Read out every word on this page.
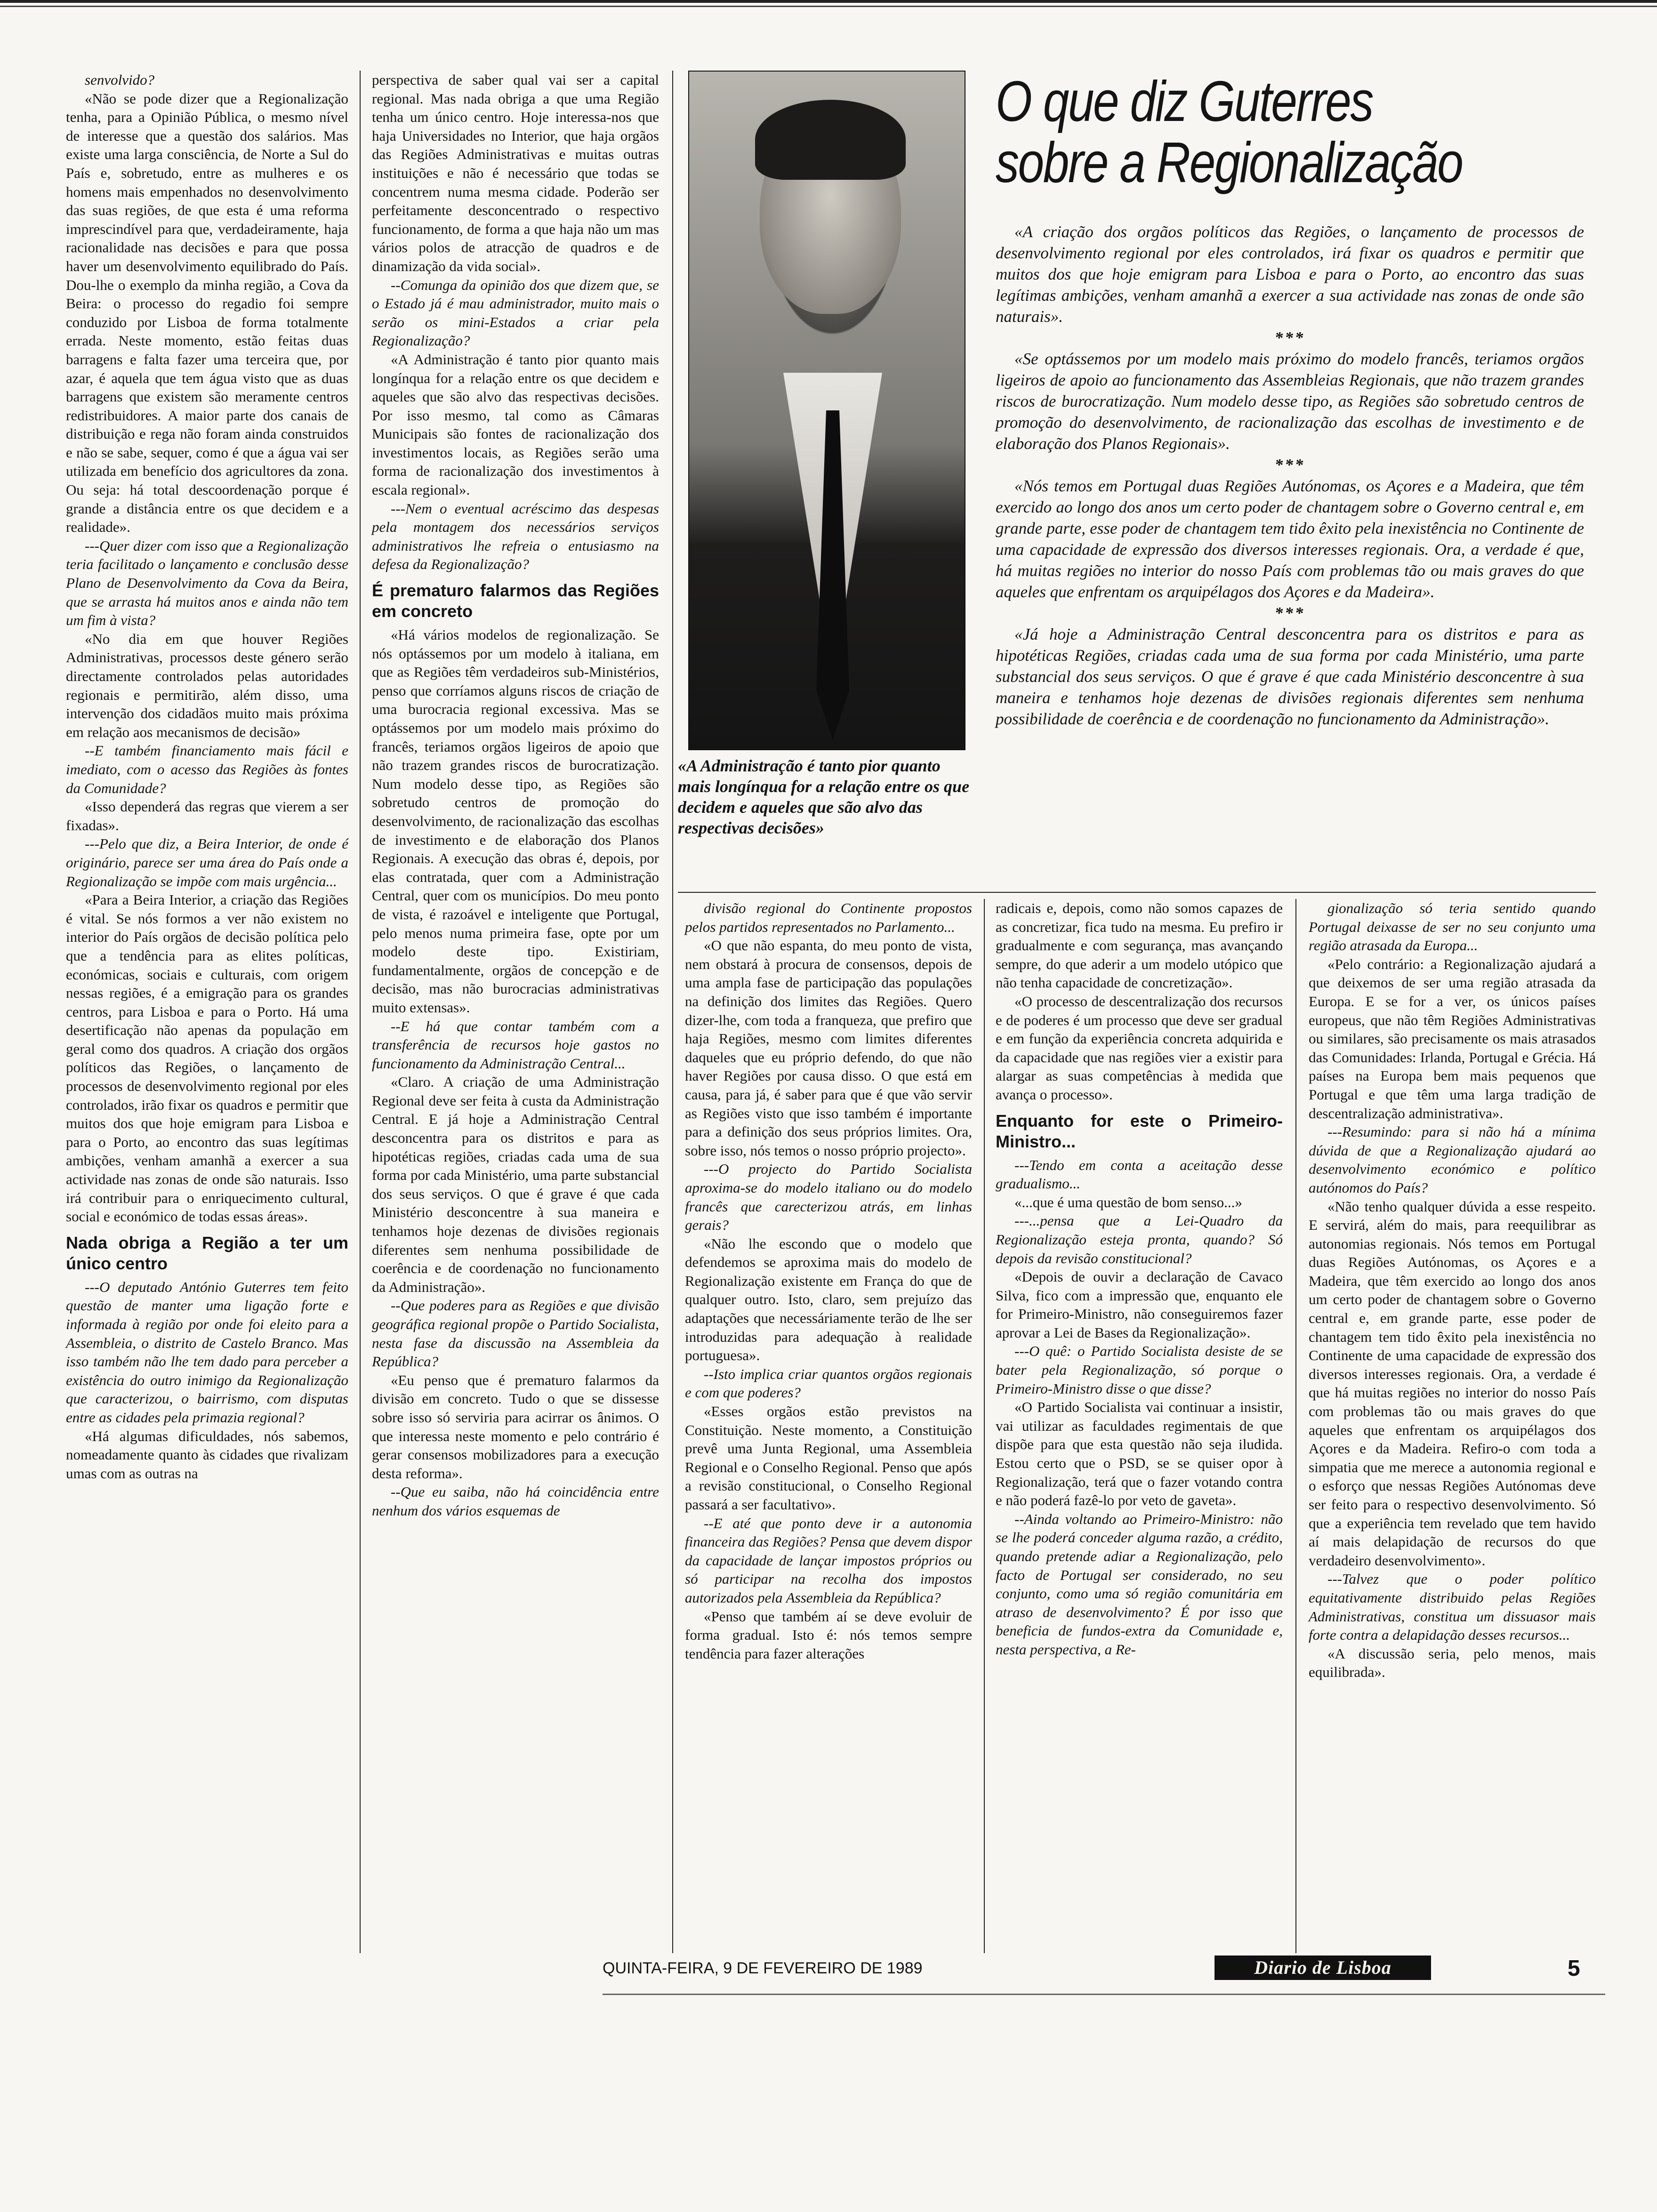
senvolvido?

«Não se pode dizer que a Regionalização tenha, para a Opinião Pública, o mesmo nível de interesse que a questão dos salários. Mas existe uma larga consciência, de Norte a Sul do País e, sobretudo, entre as mulheres e os homens mais empenhados no desenvolvimento das suas regiões, de que esta é uma reforma imprescindível para que, verdadeiramente, haja racionalidade nas decisões e para que possa haver um desenvolvimento equilibrado do País. Dou-lhe o exemplo da minha região, a Cova da Beira: o processo do regadio foi sempre conduzido por Lisboa de forma totalmente errada. Neste momento, estão feitas duas barragens e falta fazer uma terceira que, por azar, é aquela que tem água visto que as duas barragens que existem são meramente centros redistribuidores. A maior parte dos canais de distribuição e rega não foram ainda construidos e não se sabe, sequer, como é que a água vai ser utilizada em benefício dos agricultores da zona. Ou seja: há total descoordenação porque é grande a distância entre os que decidem e a realidade».

---Quer dizer com isso que a Regionalização teria facilitado o lançamento e conclusão desse Plano de Desenvolvimento da Cova da Beira, que se arrasta há muitos anos e ainda não tem um fim à vista?

«No dia em que houver Regiões Administrativas, processos deste género serão directamente controlados pelas autoridades regionais e permitirão, além disso, uma intervenção dos cidadãos muito mais próxima em relação aos mecanismos de decisão»

--E também financiamento mais fácil e imediato, com o acesso das Regiões às fontes da Comunidade?

«Isso dependerá das regras que vierem a ser fixadas».

---Pelo que diz, a Beira Interior, de onde é originário, parece ser uma área do País onde a Regionalização se impõe com mais urgência...

«Para a Beira Interior, a criação das Regiões é vital. Se nós formos a ver não existem no interior do País orgãos de decisão política pelo que a tendência para as elites políticas, económicas, sociais e culturais, com origem nessas regiões, é a emigração para os grandes centros, para Lisboa e para o Porto. Há uma desertificação não apenas da população em geral como dos quadros. A criação dos orgãos políticos das Regiões, o lançamento de processos de desenvolvimento regional por eles controlados, irão fixar os quadros e permitir que muitos dos que hoje emigram para Lisboa e para o Porto, ao encontro das suas legítimas ambições, venham amanhã a exercer a sua actividade nas zonas de onde são naturais. Isso irá contribuir para o enriquecimento cultural, social e económico de todas essas áreas».

Nada obriga a Região a ter um único centro

---O deputado António Guterres tem feito questão de manter uma ligação forte e informada à região por onde foi eleito para a Assembleia, o distrito de Castelo Branco. Mas isso também não lhe tem dado para perceber a existência do outro inimigo da Regionalização que caracterizou, o bairrismo, com disputas entre as cidades pela primazia regional?

«Há algumas dificuldades, nós sabemos, nomeadamente quanto às cidades que rivalizam umas com as outras na

perspectiva de saber qual vai ser a capital regional. Mas nada obriga a que uma Região tenha um único centro. Hoje interessa-nos que haja Universidades no Interior, que haja orgãos das Regiões Administrativas e muitas outras instituições e não é necessário que todas se concentrem numa mesma cidade. Poderão ser perfeitamente desconcentrado o respectivo funcionamento, de forma a que haja não um mas vários polos de atracção de quadros e de dinamização da vida social».

--Comunga da opinião dos que dizem que, se o Estado já é mau administrador, muito mais o serão os mini-Estados a criar pela Regionalização?

«A Administração é tanto pior quanto mais longínqua for a relação entre os que decidem e aqueles que são alvo das respectivas decisões. Por isso mesmo, tal como as Câmaras Municipais são fontes de racionalização dos investimentos locais, as Regiões serão uma forma de racionalização dos investimentos à escala regional».

---Nem o eventual acréscimo das despesas pela montagem dos necessários serviços administrativos lhe refreia o entusiasmo na defesa da Regionalização?

É prematuro falarmos das Regiões em concreto

«Há vários modelos de regionalização. Se nós optássemos por um modelo à italiana, em que as Regiões têm verdadeiros sub-Ministérios, penso que corríamos alguns riscos de criação de uma burocracia regional excessiva. Mas se optássemos por um modelo mais próximo do francês, teriamos orgãos ligeiros de apoio que não trazem grandes riscos de burocratização. Num modelo desse tipo, as Regiões são sobretudo centros de promoção do desenvolvimento, de racionalização das escolhas de investimento e de elaboração dos Planos Regionais. A execução das obras é, depois, por elas contratada, quer com a Administração Central, quer com os municípios. Do meu ponto de vista, é razoável e inteligente que Portugal, pelo menos numa primeira fase, opte por um modelo deste tipo. Existiriam, fundamentalmente, orgãos de concepção e de decisão, mas não burocracias administrativas muito extensas».

--E há que contar também com a transferência de recursos hoje gastos no funcionamento da Administração Central...

«Claro. A criação de uma Administração Regional deve ser feita à custa da Administração Central. E já hoje a Administração Central desconcentra para os distritos e para as hipotéticas regiões, criadas cada uma de sua forma por cada Ministério, uma parte substancial dos seus serviços. O que é grave é que cada Ministério desconcentre à sua maneira e tenhamos hoje dezenas de divisões regionais diferentes sem nenhuma possibilidade de coerência e de coordenação no funcionamento da Administração».

--Que poderes para as Regiões e que divisão geográfica regional propõe o Partido Socialista, nesta fase da discussão na Assembleia da República?

«Eu penso que é prematuro falarmos da divisão em concreto. Tudo o que se dissesse sobre isso só serviria para acirrar os ânimos. O que interessa neste momento e pelo contrário é gerar consensos mobilizadores para a execução desta reforma».

--Que eu saiba, não há coincidência entre nenhum dos vários esquemas de

«A Administração é tanto pior quanto mais longínqua for a relação entre os que decidem e aqueles que são alvo das respectivas decisões»
O que diz Guterres sobre a Regionalização

«A criação dos orgãos políticos das Regiões, o lançamento de processos de desenvolvimento regional por eles controlados, irá fixar os quadros e permitir que muitos dos que hoje emigram para Lisboa e para o Porto, ao encontro das suas legítimas ambições, venham amanhã a exercer a sua actividade nas zonas de onde são naturais».

***

«Se optássemos por um modelo mais próximo do modelo francês, teriamos orgãos ligeiros de apoio ao funcionamento das Assembleias Regionais, que não trazem grandes riscos de burocratização. Num modelo desse tipo, as Regiões são sobretudo centros de promoção do desenvolvimento, de racionalização das escolhas de investimento e de elaboração dos Planos Regionais».

***

«Nós temos em Portugal duas Regiões Autónomas, os Açores e a Madeira, que têm exercido ao longo dos anos um certo poder de chantagem sobre o Governo central e, em grande parte, esse poder de chantagem tem tido êxito pela inexistência no Continente de uma capacidade de expressão dos diversos interesses regionais. Ora, a verdade é que, há muitas regiões no interior do nosso País com problemas tão ou mais graves do que aqueles que enfrentam os arquipélagos dos Açores e da Madeira».

***

«Já hoje a Administração Central desconcentra para os distritos e para as hipotéticas Regiões, criadas cada uma de sua forma por cada Ministério, uma parte substancial dos seus serviços. O que é grave é que cada Ministério desconcentre à sua maneira e tenhamos hoje dezenas de divisões regionais diferentes sem nenhuma possibilidade de coerência e de coordenação no funcionamento da Administração».

divisão regional do Continente propostos pelos partidos representados no Parlamento...

«O que não espanta, do meu ponto de vista, nem obstará à procura de consensos, depois de uma ampla fase de participação das populações na definição dos limites das Regiões. Quero dizer-lhe, com toda a franqueza, que prefiro que haja Regiões, mesmo com limites diferentes daqueles que eu próprio defendo, do que não haver Regiões por causa disso. O que está em causa, para já, é saber para que é que vão servir as Regiões visto que isso também é importante para a definição dos seus próprios limites. Ora, sobre isso, nós temos o nosso próprio projecto».

---O projecto do Partido Socialista aproxima-se do modelo italiano ou do modelo francês que carecterizou atrás, em linhas gerais?

«Não lhe escondo que o modelo que defendemos se aproxima mais do modelo de Regionalização existente em França do que de qualquer outro. Isto, claro, sem prejuízo das adaptações que necessáriamente terão de lhe ser introduzidas para adequação à realidade portuguesa».

--Isto implica criar quantos orgãos regionais e com que poderes?

«Esses orgãos estão previstos na Constituição. Neste momento, a Constituição prevê uma Junta Regional, uma Assembleia Regional e o Conselho Regional. Penso que após a revisão constitucional, o Conselho Regional passará a ser facultativo».

--E até que ponto deve ir a autonomia financeira das Regiões? Pensa que devem dispor da capacidade de lançar impostos próprios ou só participar na recolha dos impostos autorizados pela Assembleia da República?

«Penso que também aí se deve evoluir de forma gradual. Isto é: nós temos sempre tendência para fazer alterações

radicais e, depois, como não somos capazes de as concretizar, fica tudo na mesma. Eu prefiro ir gradualmente e com segurança, mas avançando sempre, do que aderir a um modelo utópico que não tenha capacidade de concretização».

«O processo de descentralização dos recursos e de poderes é um processo que deve ser gradual e em função da experiência concreta adquirida e da capacidade que nas regiões vier a existir para alargar as suas competências à medida que avança o processo».

Enquanto for este o Primeiro-Ministro...

---Tendo em conta a aceitação desse gradualismo...

«...que é uma questão de bom senso...»

---...pensa que a Lei-Quadro da Regionalização esteja pronta, quando? Só depois da revisão constitucional?

«Depois de ouvir a declaração de Cavaco Silva, fico com a impressão que, enquanto ele for Primeiro-Ministro, não conseguiremos fazer aprovar a Lei de Bases da Regionalização».

---O quê: o Partido Socialista desiste de se bater pela Regionalização, só porque o Primeiro-Ministro disse o que disse?

«O Partido Socialista vai continuar a insistir, vai utilizar as faculdades regimentais de que dispõe para que esta questão não seja iludida. Estou certo que o PSD, se se quiser opor à Regionalização, terá que o fazer votando contra e não poderá fazê-lo por veto de gaveta».

--Ainda voltando ao Primeiro-Ministro: não se lhe poderá conceder alguma razão, a crédito, quando pretende adiar a Regionalização, pelo facto de Portugal ser considerado, no seu conjunto, como uma só região comunitária em atraso de desenvolvimento? É por isso que beneficia de fundos-extra da Comunidade e, nesta perspectiva, a Re-

gionalização só teria sentido quando Portugal deixasse de ser no seu conjunto uma região atrasada da Europa...

«Pelo contrário: a Regionalização ajudará a que deixemos de ser uma região atrasada da Europa. E se for a ver, os únicos países europeus, que não têm Regiões Administrativas ou similares, são precisamente os mais atrasados das Comunidades: Irlanda, Portugal e Grécia. Há países na Europa bem mais pequenos que Portugal e que têm uma larga tradição de descentralização administrativa».

---Resumindo: para si não há a mínima dúvida de que a Regionalização ajudará ao desenvolvimento económico e político autónomos do País?

«Não tenho qualquer dúvida a esse respeito. E servirá, além do mais, para reequilibrar as autonomias regionais. Nós temos em Portugal duas Regiões Autónomas, os Açores e a Madeira, que têm exercido ao longo dos anos um certo poder de chantagem sobre o Governo central e, em grande parte, esse poder de chantagem tem tido êxito pela inexistência no Continente de uma capacidade de expressão dos diversos interesses regionais. Ora, a verdade é que há muitas regiões no interior do nosso País com problemas tão ou mais graves do que aqueles que enfrentam os arquipélagos dos Açores e da Madeira. Refiro-o com toda a simpatia que me merece a autonomia regional e o esforço que nessas Regiões Autónomas deve ser feito para o respectivo desenvolvimento. Só que a experiência tem revelado que tem havido aí mais delapidação de recursos do que verdadeiro desenvolvimento».

---Talvez que o poder político equitativamente distribuido pelas Regiões Administrativas, constitua um dissuasor mais forte contra a delapidação desses recursos...

«A discussão seria, pelo menos, mais equilibrada».

QUINTA-FEIRA, 9 DE FEVEREIRO DE 1989	Diario de Lisboa	5
